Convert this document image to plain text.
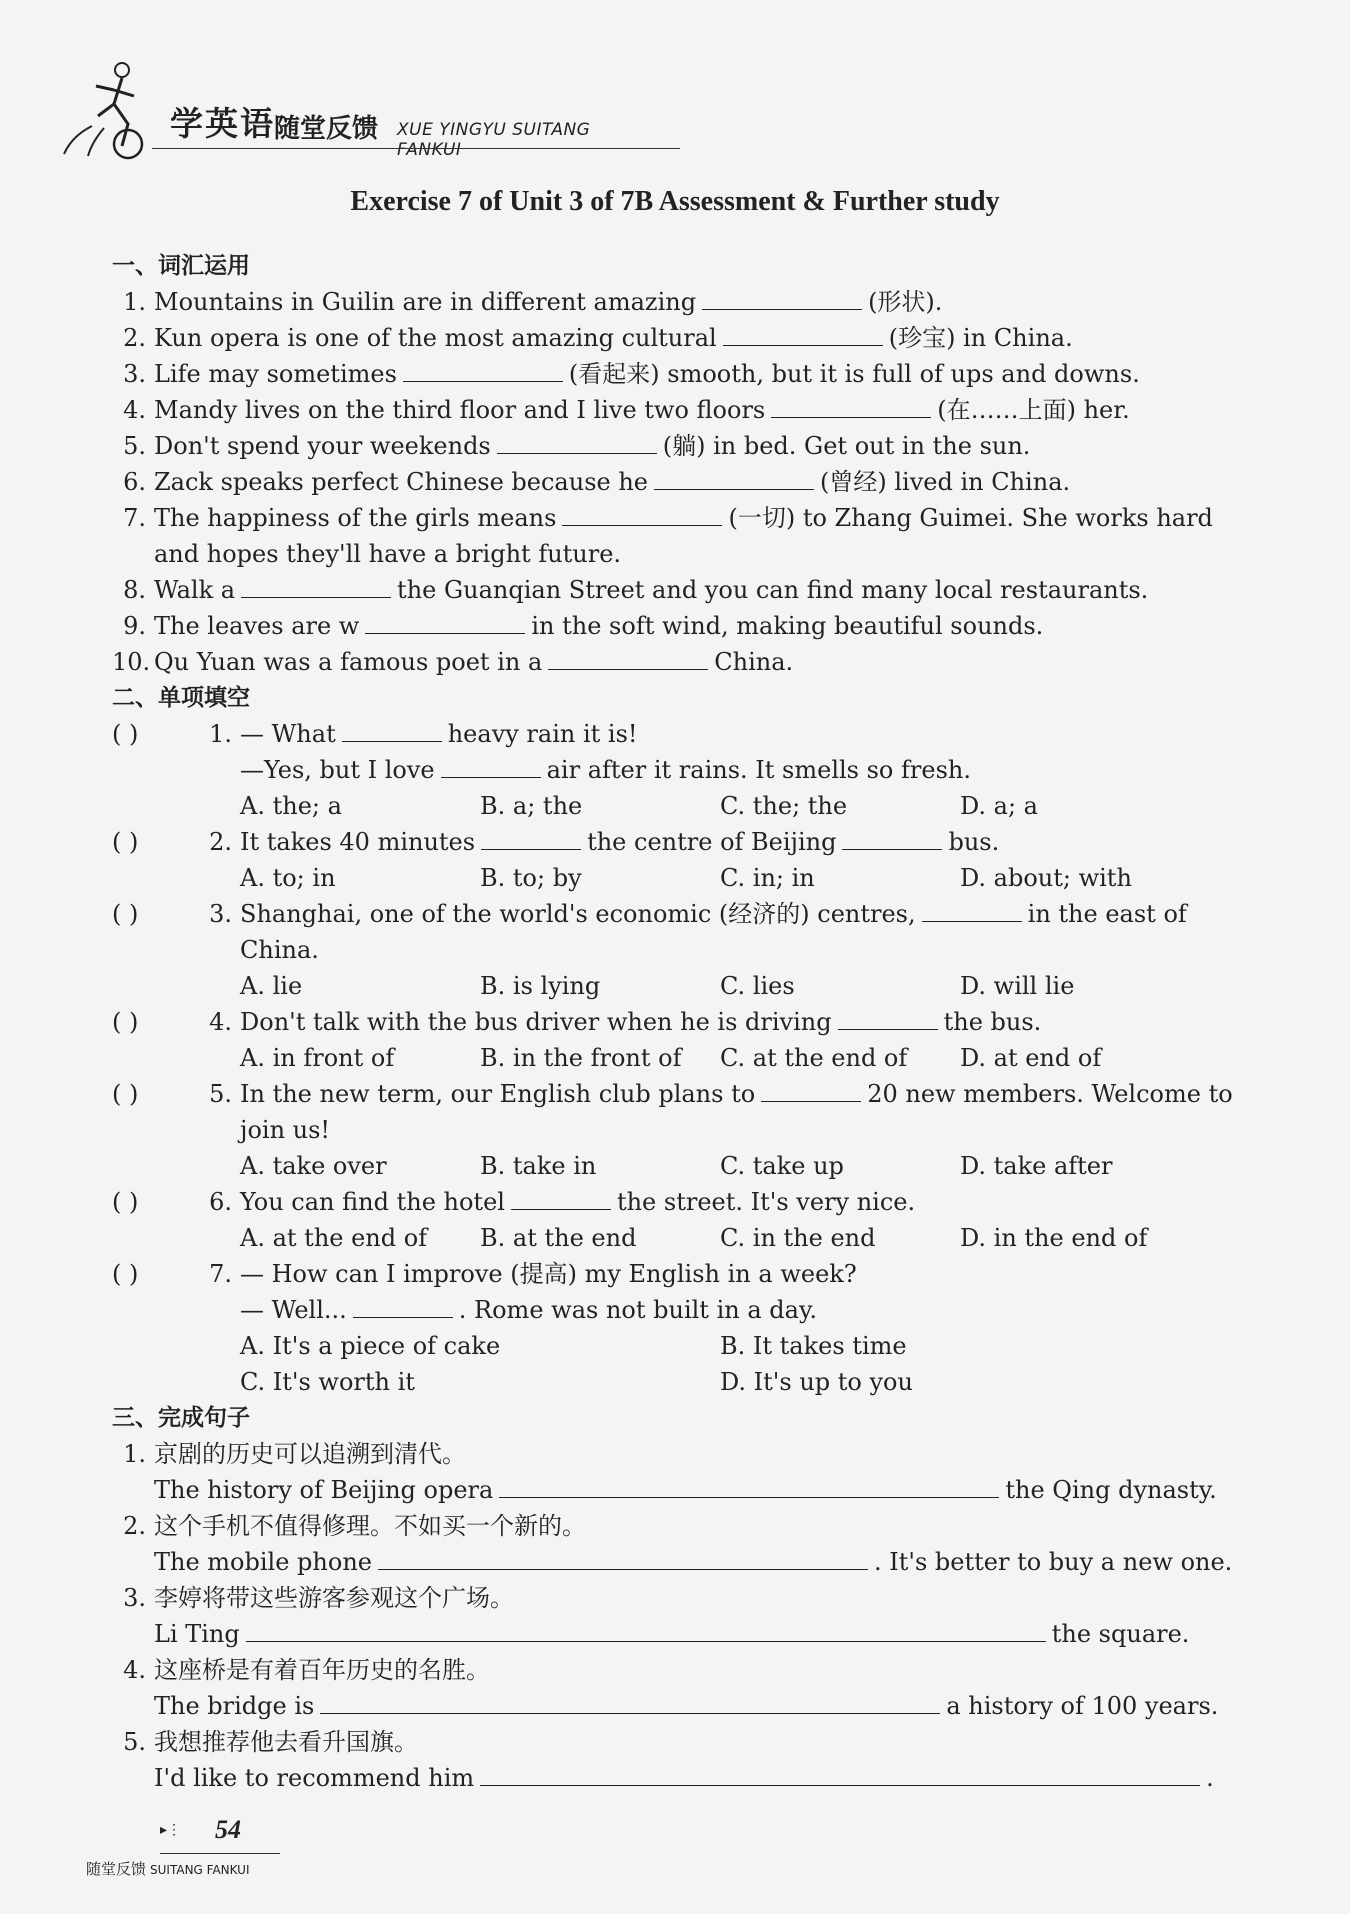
学英语 随堂反馈 XUE YINGYU SUITANG FANKUI
Exercise 7 of Unit 3 of 7B Assessment & Further study
一、词汇运用
1. Mountains in Guilin are in different amazing	(形状).
2. Kun opera is one of the most amazing cultural	(珍宝) in China.
3. Life may sometimes	(看起来) smooth, but it is full of ups and downs.
4. Mandy lives on the third floor and I live two floors	(在……上面) her.
5. Don't spend your weekends	(躺) in bed. Get out in the sun.
6. Zack speaks perfect Chinese because he	(曾经) lived in China.
7. The happiness of the girls means	(一切) to Zhang Guimei. She works hard
and hopes they'll have a bright future.
8. Walk a	the Guanqian Street and you can find many local restaurants.
9. The leaves are w	in the soft wind, making beautiful sounds.
10. Qu Yuan was a famous poet in a	China.
二、单项填空
( )	1. — What	heavy rain it is!
—Yes, but I love	air after it rains. It smells so fresh.
A. the; a	B. a; the	C. the; the	D. a; a
( )	2. It takes 40 minutes	the centre of Beijing	bus.
A. to; in	B. to; by	C. in; in	D. about; with
( )	3. Shanghai, one of the world's economic (经济的) centres,	in the east of
China.
A. lie	B. is lying	C. lies	D. will lie
( )	4. Don't talk with the bus driver when he is driving	the bus.
A. in front of	B. in the front of C. at the end of D. at end of
( )	5. In the new term, our English club plans to	20 new members. Welcome to
join us!
A. take over	B. take in	C. take up	D. take after
( )	6. You can find the hotel	the street. It's very nice.
A. at the end of B. at the end	C. in the end	D. in the end of
( )	7. — How can I improve (提高) my English in a week?
— Well...	. Rome was not built in a day.
A. It's a piece of cake	B. It takes time
C. It's worth it	D. It's up to you
三、完成句子
1. 京剧的历史可以追溯到清代。
The history of Beijing opera	the Qing dynasty.
2. 这个手机不值得修理。不如买一个新的。
The mobile phone	. It's better to buy a new one.
3. 李婷将带这些游客参观这个广场。
Li Ting	the square.
4. 这座桥是有着百年历史的名胜。
The bridge is	a history of 100 years.
5. 我想推荐他去看升国旗。
I'd like to recommend him	.
▸⋮ 54
随堂反馈 SUITANG FANKUI
